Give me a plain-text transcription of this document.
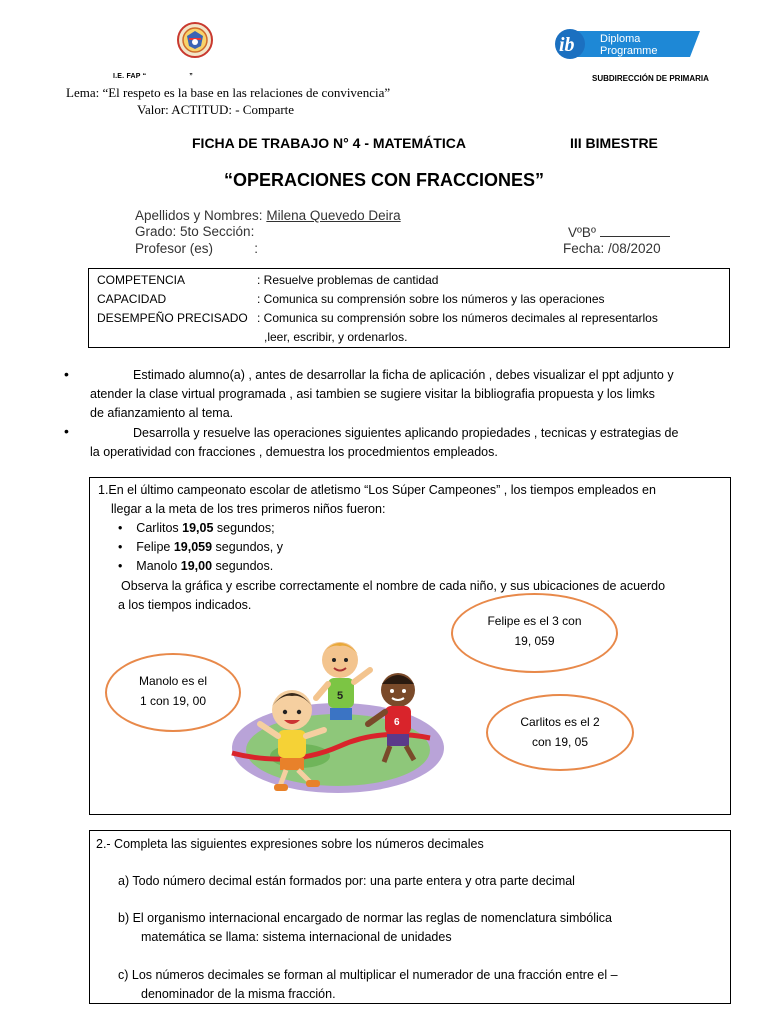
ib Diploma
Programme
I.E. FAP “                    ”	SUBDIRECCIÓN DE PRIMARIA
Lema: “El respeto es la base en las relaciones de convivencia”
Valor: ACTITUD: - Comparte
FICHA DE TRABAJO N° 4 - MATEMÁTICA	III BIMESTRE
“OPERACIONES CON FRACCIONES”
Apellidos y Nombres: Milena Quevedo Deira
Grado: 5to Sección:
Profesor (es)           :
VºBº
Fecha: /08/2020
COMPETENCIA	: Resuelve problemas de cantidad
CAPACIDAD	: Comunica su comprensión sobre los números y las operaciones
DESEMPEÑO PRECISADO : Comunica su comprensión sobre los números decimales al representarlos
,leer, escribir, y ordenarlos.
•	Estimado alumno(a) , antes de desarrollar la ficha de aplicación , debes visualizar el ppt adjunto y
atender la clase virtual programada , asi tambien se sugiere visitar la bibliografia propuesta y los limks
de afianzamiento al tema.
•	Desarrolla y resuelve las operaciones siguientes aplicando propiedades , tecnicas y estrategias de
la operatividad con fracciones , demuestra los procedmientos empleados.
1.En el último campeonato escolar de atletismo “Los Súper Campeones” , los tiempos empleados en
llegar a la meta de los tres primeros niños fueron:
• Carlitos 19,05 segundos;
• Felipe 19,059 segundos, y
• Manolo 19,00 segundos.
Observa la gráfica y escribe correctamente el nombre de cada niño, y sus ubicaciones de acuerdo
a los tiempos indicados.
5
6
Felipe es el 3 con
19, 059
Manolo es el
1 con 19, 00
Carlitos es el 2
con 19, 05
2.- Completa las siguientes expresiones sobre los números decimales
a) Todo número decimal están formados por: una parte entera y otra parte decimal
b) El organismo internacional encargado de normar las reglas de nomenclatura simbólica
matemática se llama: sistema internacional de unidades
c) Los números decimales se forman al multiplicar el numerador de una fracción entre el –
denominador de la misma fracción.
